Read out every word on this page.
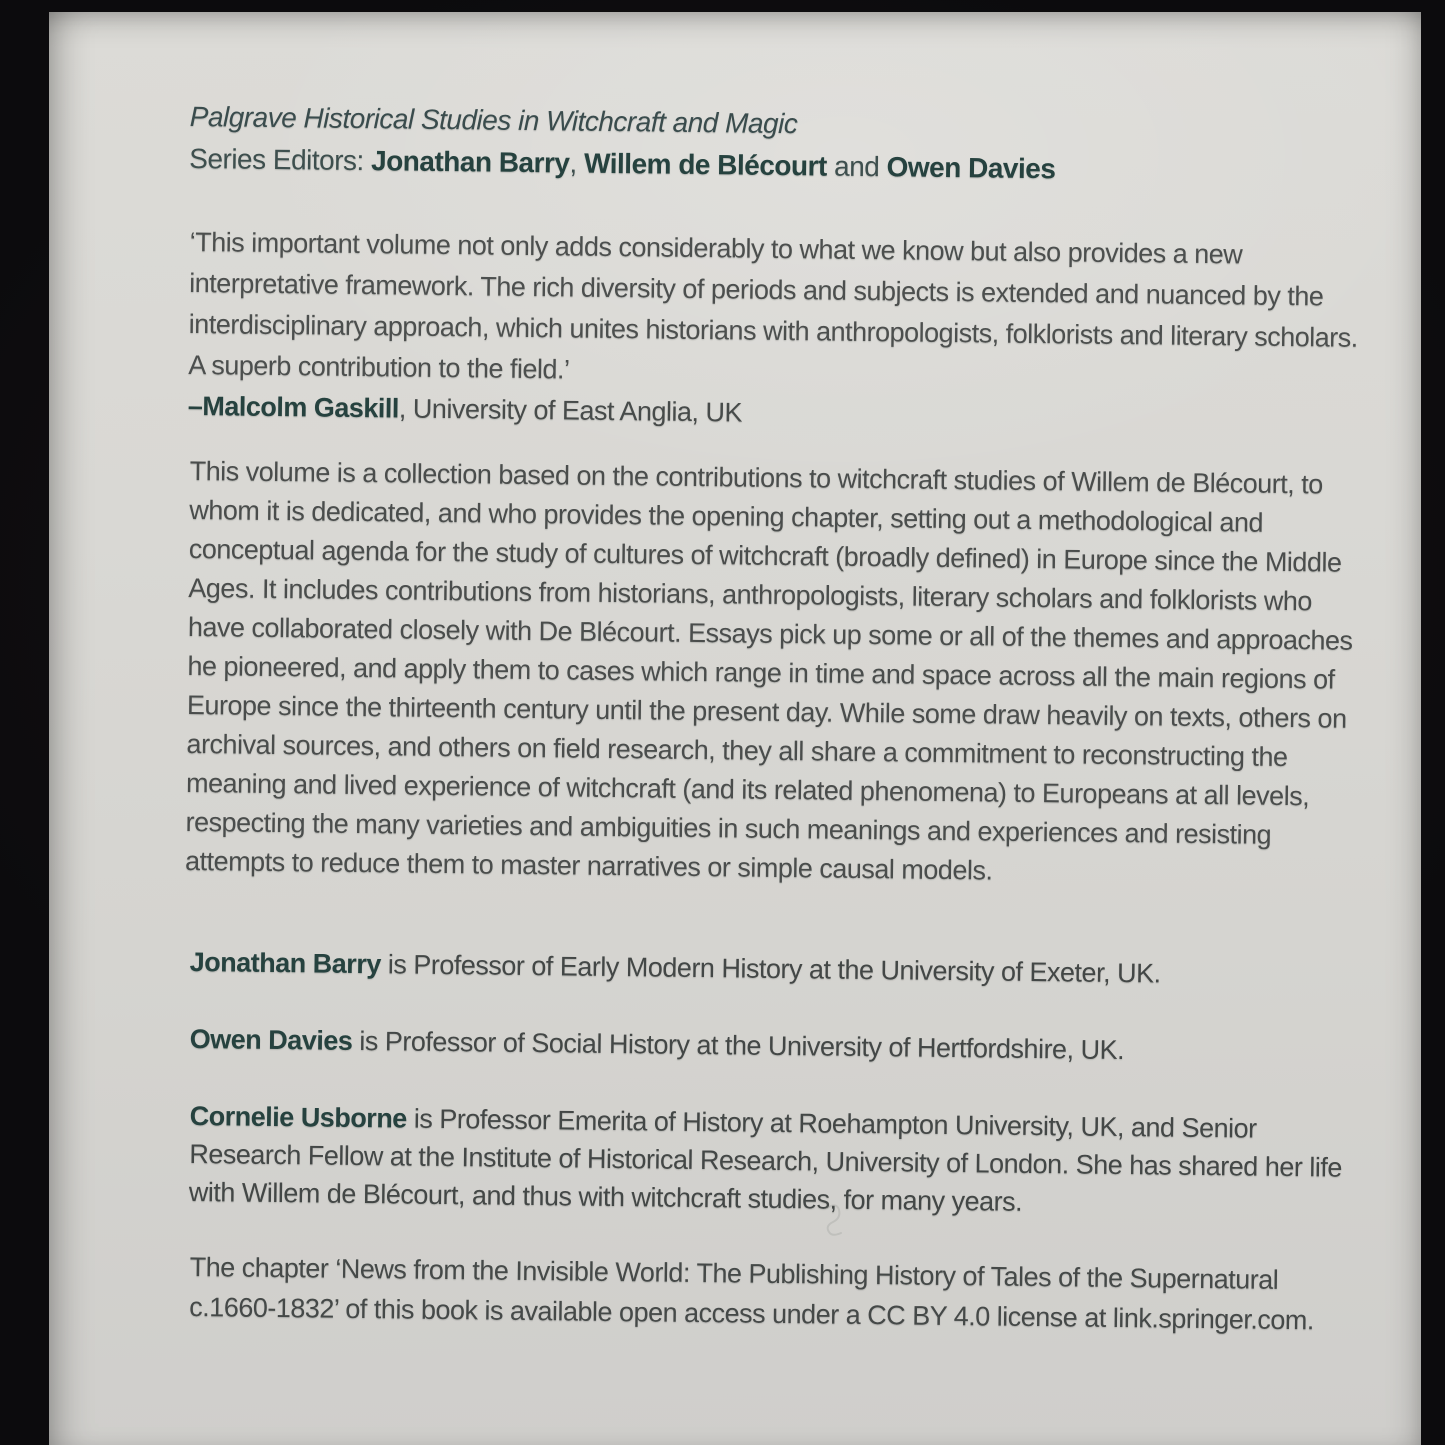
Palgrave Historical Studies in Witchcraft and Magic

Series Editors: Jonathan Barry, Willem de Blécourt and Owen Davies

‘This important volume not only adds considerably to what we know but also provides a new interpretative framework. The rich diversity of periods and subjects is extended and nuanced by the interdisciplinary approach, which unites historians with anthropologists, folklorists and literary scholars. A superb contribution to the field.’

–Malcolm Gaskill, University of East Anglia, UK

This volume is a collection based on the contributions to witchcraft studies of Willem de Blécourt, to whom it is dedicated, and who provides the opening chapter, setting out a methodological and conceptual agenda for the study of cultures of witchcraft (broadly defined) in Europe since the Middle Ages. It includes contributions from historians, anthropologists, literary scholars and folklorists who have collaborated closely with De Blécourt. Essays pick up some or all of the themes and approaches he pioneered, and apply them to cases which range in time and space across all the main regions of Europe since the thirteenth century until the present day. While some draw heavily on texts, others on archival sources, and others on field research, they all share a commitment to reconstructing the meaning and lived experience of witchcraft (and its related phenomena) to Europeans at all levels, respecting the many varieties and ambiguities in such meanings and experiences and resisting attempts to reduce them to master narratives or simple causal models.

Jonathan Barry is Professor of Early Modern History at the University of Exeter, UK.

Owen Davies is Professor of Social History at the University of Hertfordshire, UK.

Cornelie Usborne is Professor Emerita of History at Roehampton University, UK, and Senior Research Fellow at the Institute of Historical Research, University of London. She has shared her life with Willem de Blécourt, and thus with witchcraft studies, for many years.

The chapter ‘News from the Invisible World: The Publishing History of Tales of the Supernatural c.1660-1832’ of this book is available open access under a CC BY 4.0 license at link.springer.com.
